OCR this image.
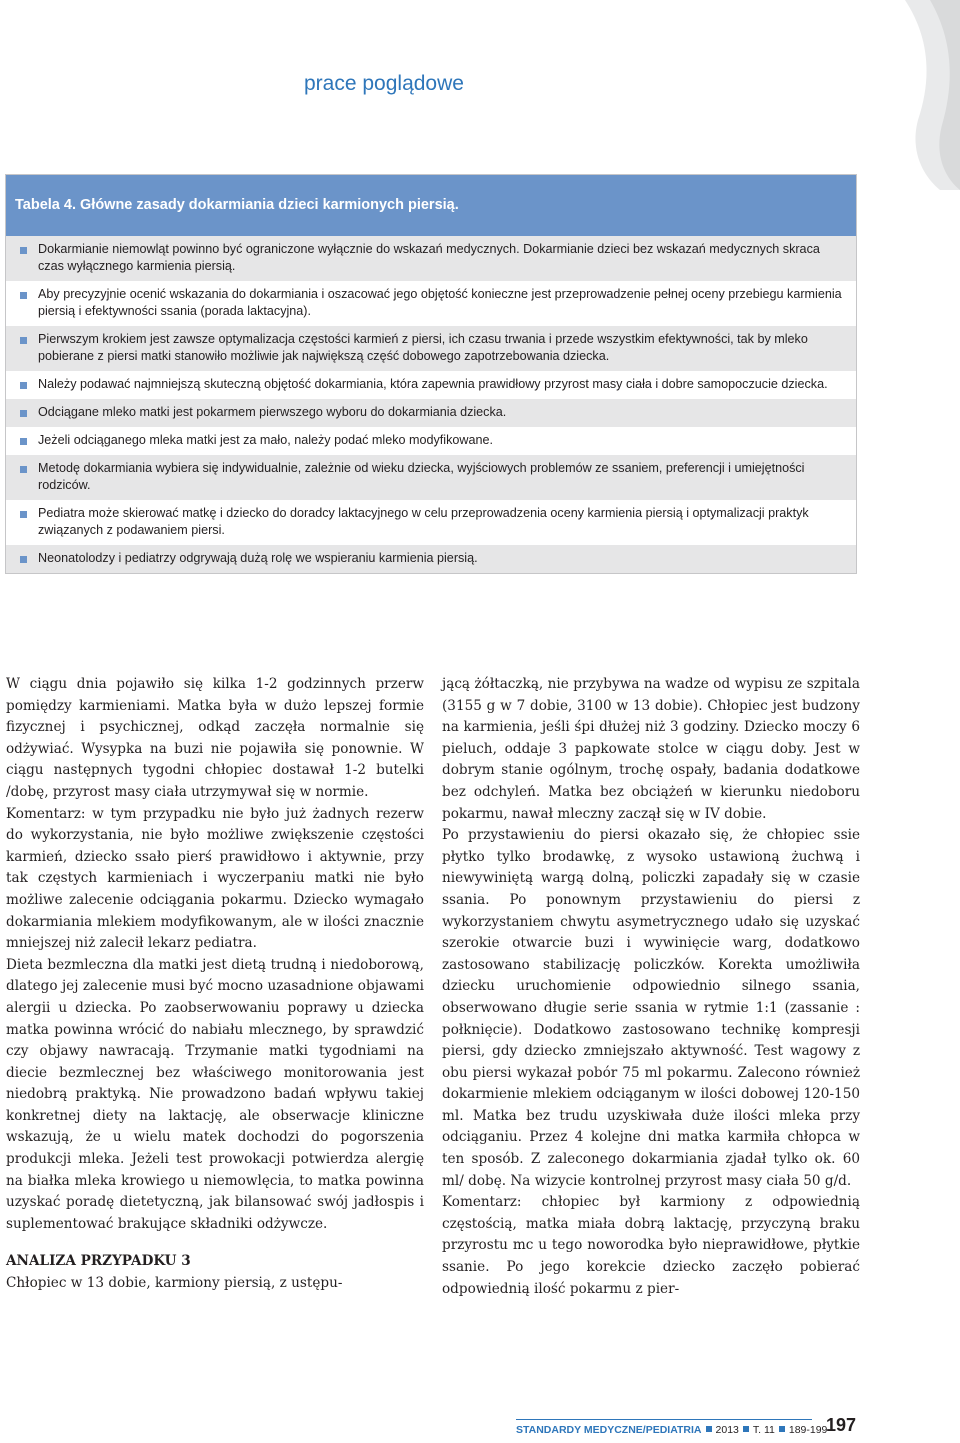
prace poglądowe
Tabela 4. Główne zasady dokarmiania dzieci karmionych piersią.
Dokarmianie niemowląt powinno być ograniczone wyłącznie do wskazań medycznych. Dokarmianie dzieci bez wskazań medycznych skraca czas wyłącznego karmienia piersią.
Aby precyzyjnie ocenić wskazania do dokarmiania i oszacować jego objętość konieczne jest przeprowadzenie pełnej oceny przebiegu karmienia piersią i efektywności ssania (porada laktacyjna).
Pierwszym krokiem jest zawsze optymalizacja częstości karmień z piersi, ich czasu trwania i przede wszystkim efektywności, tak by mleko pobierane z piersi matki stanowiło możliwie jak największą część dobowego zapotrzebowania dziecka.
Należy podawać najmniejszą skuteczną objętość dokarmiania, która zapewnia prawidłowy przyrost masy ciała i dobre samopoczucie dziecka.
Odciągane mleko matki jest pokarmem pierwszego wyboru do dokarmiania dziecka.
Jeżeli odciąganego mleka matki jest za mało, należy podać mleko modyfikowane.
Metodę dokarmiania wybiera się indywidualnie, zależnie od wieku dziecka, wyjściowych problemów ze ssaniem, preferencji i umiejętności rodziców.
Pediatra może skierować matkę i dziecko do doradcy laktacyjnego w celu przeprowadzenia oceny karmienia piersią i optymalizacji praktyk związanych z podawaniem piersi.
Neonatolodzy i pediatrzy odgrywają dużą rolę we wspieraniu karmienia piersią.

W ciągu dnia pojawiło się kilka 1-2 godzinnych przerw pomiędzy karmieniami. Matka była w dużo lepszej formie fizycznej i psychicznej, odkąd zaczęła normalnie się odżywiać. Wysypka na buzi nie pojawiła się ponownie. W ciągu następnych tygodni chłopiec dostawał 1-2 butelki /dobę, przyrost masy ciała utrzymywał się w normie.

Komentarz: w tym przypadku nie było już żadnych rezerw do wykorzystania, nie było możliwe zwiększenie częstości karmień, dziecko ssało pierś prawidłowo i aktywnie, przy tak częstych karmieniach i wyczerpaniu matki nie było możliwe zalecenie odciągania pokarmu. Dziecko wymagało dokarmiania mlekiem modyfikowanym, ale w ilości znacznie mniejszej niż zalecił lekarz pediatra.

Dieta bezmleczna dla matki jest dietą trudną i niedoborową, dlatego jej zalecenie musi być mocno uzasadnione objawami alergii u dziecka. Po zaobserwowaniu poprawy u dziecka matka powinna wrócić do nabiału mlecznego, by sprawdzić czy objawy nawracają. Trzymanie matki tygodniami na diecie bezmlecznej bez właściwego monitorowania jest niedobrą praktyką. Nie prowadzono badań wpływu takiej konkretnej diety na laktację, ale obserwacje kliniczne wskazują, że u wielu matek dochodzi do pogorszenia produkcji mleka. Jeżeli test prowokacji potwierdza alergię na białka mleka krowiego u niemowlęcia, to matka powinna uzyskać poradę dietetyczną, jak bilansować swój jadłospis i suplementować brakujące składniki odżywcze.

ANALIZA PRZYPADKU 3

Chłopiec w 13 dobie, karmiony piersią, z ustępu-

jącą żółtaczką, nie przybywa na wadze od wypisu ze szpitala (3155 g w 7 dobie, 3100 w 13 dobie). Chłopiec jest budzony na karmienia, jeśli śpi dłużej niż 3 godziny. Dziecko moczy 6 pieluch, oddaje 3 papkowate stolce w ciągu doby. Jest w dobrym stanie ogólnym, trochę ospały, badania dodatkowe bez odchyleń. Matka bez obciążeń w kierunku niedoboru pokarmu, nawał mleczny zaczął się w IV dobie.

Po przystawieniu do piersi okazało się, że chłopiec ssie płytko tylko brodawkę, z wysoko ustawioną żuchwą i niewywiniętą wargą dolną, policzki zapadały się w czasie ssania. Po ponownym przystawieniu do piersi z wykorzystaniem chwytu asymetrycznego udało się uzyskać szerokie otwarcie buzi i wywinięcie warg, dodatkowo zastosowano stabilizację policzków. Korekta umożliwiła dziecku uruchomienie odpowiednio silnego ssania, obserwowano długie serie ssania w rytmie 1:1 (zassanie : połknięcie). Dodatkowo zastosowano technikę kompresji piersi, gdy dziecko zmniejszało aktywność. Test wagowy z obu piersi wykazał pobór 75 ml pokarmu. Zalecono również dokarmienie mlekiem odciąganym w ilości dobowej 120-150 ml. Matka bez trudu uzyskiwała duże ilości mleka przy odciąganiu. Przez 4 kolejne dni matka karmiła chłopca w ten sposób. Z zaleconego dokarmiania zjadał tylko ok. 60 ml/ dobę. Na wizycie kontrolnej przyrost masy ciała 50 g/d.

Komentarz: chłopiec był karmiony z odpowiednią częstością, matka miała dobrą laktację, przyczyną braku przyrostu mc u tego noworodka było nieprawidłowe, płytkie ssanie. Po jego korekcie dziecko zaczęło pobierać odpowiednią ilość pokarmu z pier-

STANDARDY MEDYCZNE/PEDIATRIA 2013 T. 11 189-199
197
